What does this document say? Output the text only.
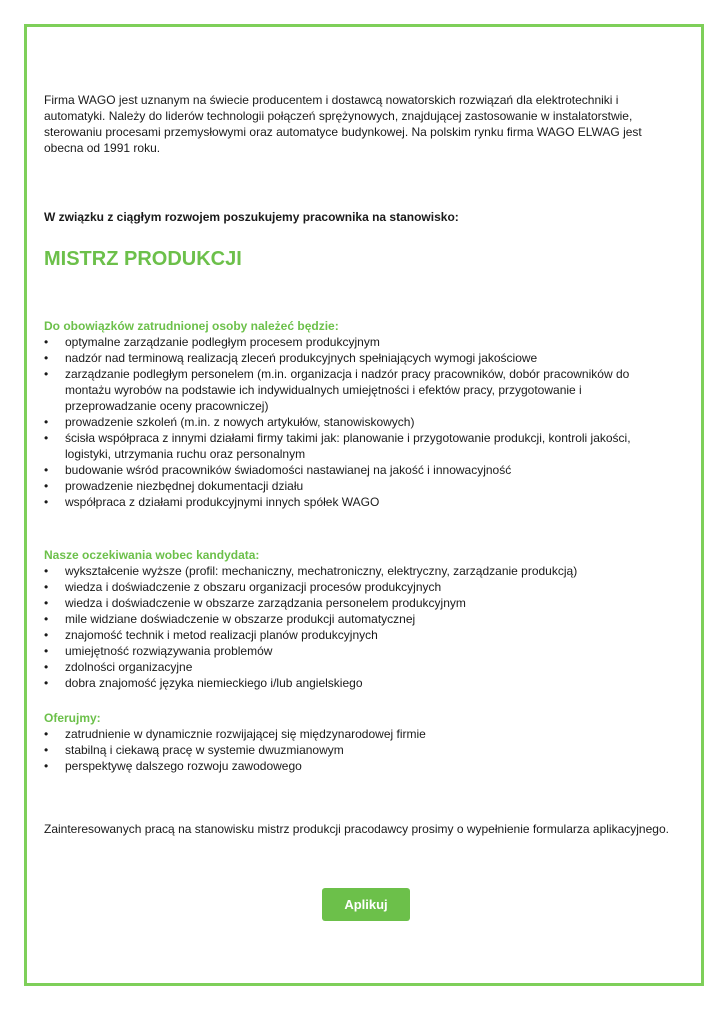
Firma WAGO jest uznanym na świecie producentem i dostawcą nowatorskich rozwiązań dla elektrotechniki i automatyki. Należy do liderów technologii połączeń sprężynowych, znajdującej zastosowanie w instalatorstwie, sterowaniu procesami przemysłowymi oraz automatyce budynkowej. Na polskim rynku firma WAGO ELWAG jest obecna od 1991 roku.

W związku z ciągłym rozwojem poszukujemy pracownika na stanowisko:

MISTRZ PRODUKCJI
Do obowiązków zatrudnionej osoby należeć będzie:
• optymalne zarządzanie podległym procesem produkcyjnym
• nadzór nad terminową realizacją zleceń produkcyjnych spełniających wymogi jakościowe
• zarządzanie podległym personelem (m.in. organizacja i nadzór pracy pracowników, dobór pracowników do montażu wyrobów na podstawie ich indywidualnych umiejętności i efektów pracy, przygotowanie i przeprowadzanie oceny pracowniczej)
• prowadzenie szkoleń (m.in. z nowych artykułów, stanowiskowych)
• ścisła współpraca z innymi działami firmy takimi jak: planowanie i przygotowanie produkcji, kontroli jakości, logistyki, utrzymania ruchu oraz personalnym
• budowanie wśród pracowników świadomości nastawianej na jakość i innowacyjność
• prowadzenie niezbędnej dokumentacji działu
• współpraca z działami produkcyjnymi innych spółek WAGO
Nasze oczekiwania wobec kandydata:
• wykształcenie wyższe (profil: mechaniczny, mechatroniczny, elektryczny, zarządzanie produkcją)
• wiedza i doświadczenie z obszaru organizacji procesów produkcyjnych
• wiedza i doświadczenie w obszarze zarządzania personelem produkcyjnym
• mile widziane doświadczenie w obszarze produkcji automatycznej
• znajomość technik i metod realizacji planów produkcyjnych
• umiejętność rozwiązywania problemów
• zdolności organizacyjne
• dobra znajomość języka niemieckiego i/lub angielskiego
Oferujmy:
• zatrudnienie w dynamicznie rozwijającej się międzynarodowej firmie
• stabilną i ciekawą pracę w systemie dwuzmianowym
• perspektywę dalszego rozwoju zawodowego

Zainteresowanych pracą na stanowisku mistrz produkcji pracodawcy prosimy o wypełnienie formularza aplikacyjnego.

Aplikuj
